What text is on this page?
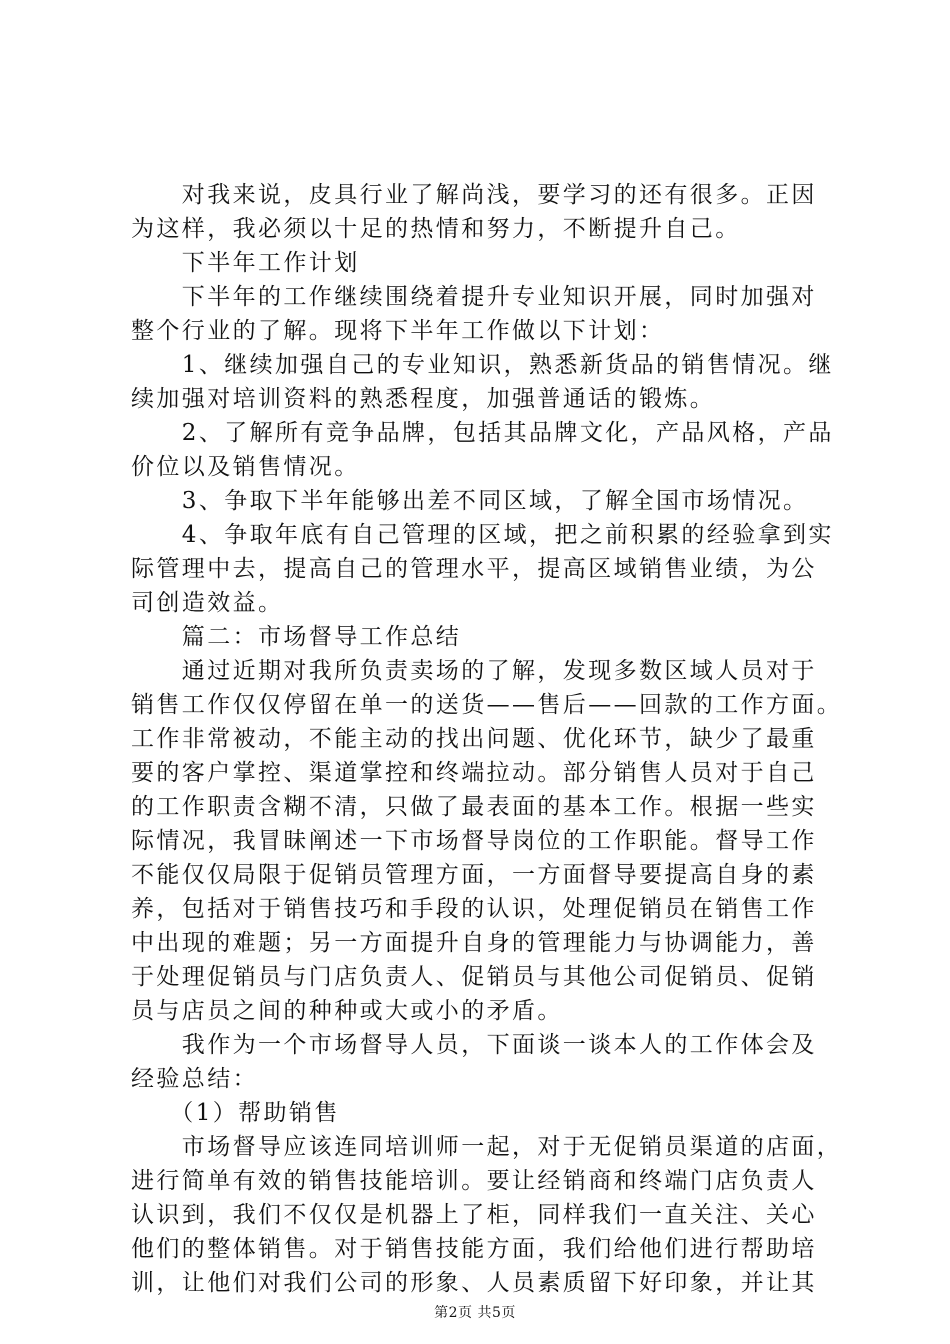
　　对我来说，皮具行业了解尚浅，要学习的还有很多。正因
为这样，我必须以十足的热情和努力，不断提升自己。
　　下半年工作计划
　　下半年的工作继续围绕着提升专业知识开展，同时加强对
整个行业的了解。现将下半年工作做以下计划：
　　1、继续加强自己的专业知识，熟悉新货品的销售情况。继
续加强对培训资料的熟悉程度，加强普通话的锻炼。
　　2、了解所有竞争品牌，包括其品牌文化，产品风格，产品
价位以及销售情况。
　　3、争取下半年能够出差不同区域，了解全国市场情况。
　　4、争取年底有自己管理的区域，把之前积累的经验拿到实
际管理中去，提高自己的管理水平，提高区域销售业绩，为公
司创造效益。
　　篇二：市场督导工作总结
　　通过近期对我所负责卖场的了解，发现多数区域人员对于
销售工作仅仅停留在单一的送货——售后——回款的工作方面。
工作非常被动，不能主动的找出问题、优化环节，缺少了最重
要的客户掌控、渠道掌控和终端拉动。部分销售人员对于自己
的工作职责含糊不清，只做了最表面的基本工作。根据一些实
际情况，我冒昧阐述一下市场督导岗位的工作职能。督导工作
不能仅仅局限于促销员管理方面，一方面督导要提高自身的素
养，包括对于销售技巧和手段的认识，处理促销员在销售工作
中出现的难题；另一方面提升自身的管理能力与协调能力，善
于处理促销员与门店负责人、促销员与其他公司促销员、促销
员与店员之间的种种或大或小的矛盾。
　　我作为一个市场督导人员，下面谈一谈本人的工作体会及
经验总结：
　　（1）帮助销售
　　市场督导应该连同培训师一起，对于无促销员渠道的店面，
进行简单有效的销售技能培训。要让经销商和终端门店负责人
认识到，我们不仅仅是机器上了柜，同样我们一直关注、关心
他们的整体销售。对于销售技能方面，我们给他们进行帮助培
训，让他们对我们公司的形象、人员素质留下好印象，并让其
第2页 共5页
